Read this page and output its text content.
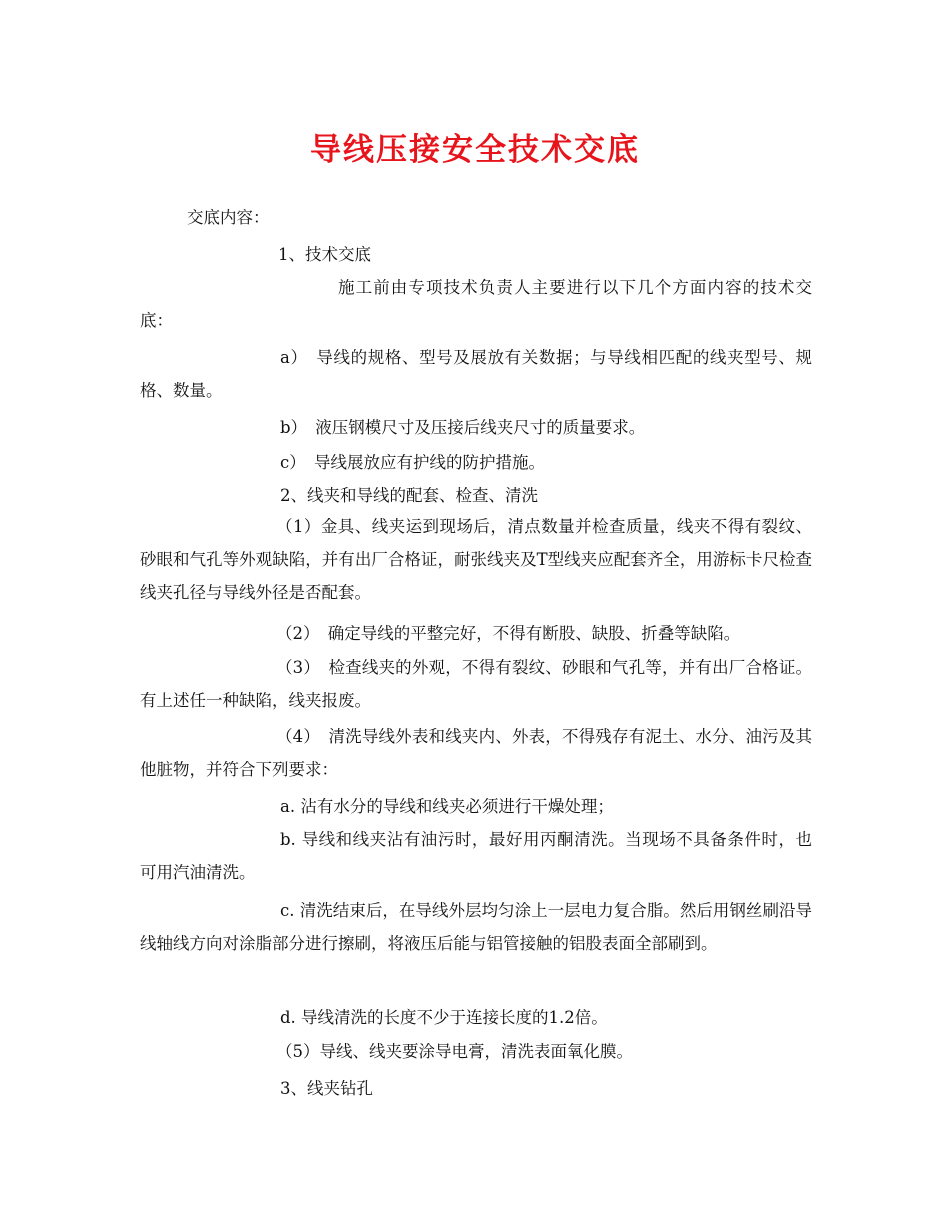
导线压接安全技术交底

交底内容：

1、技术交底

施工前由专项技术负责人主要进行以下几个方面内容的技术交底：

a）　导线的规格、型号及展放有关数据；与导线相匹配的线夹型号、规格、数量。

b）　液压钢模尺寸及压接后线夹尺寸的质量要求。

c）　导线展放应有护线的防护措施。

2、线夹和导线的配套、检查、清洗

（1）金具、线夹运到现场后，清点数量并检查质量，线夹不得有裂纹、砂眼和气孔等外观缺陷，并有出厂合格证，耐张线夹及T型线夹应配套齐全，用游标卡尺检查线夹孔径与导线外径是否配套。

（2）　确定导线的平整完好，不得有断股、缺股、折叠等缺陷。

（3）　检查线夹的外观，不得有裂纹、砂眼和气孔等，并有出厂合格证。有上述任一种缺陷，线夹报废。

（4）　清洗导线外表和线夹内、外表，不得残存有泥土、水分、油污及其他脏物，并符合下列要求：

a. 沾有水分的导线和线夹必须进行干燥处理；

b. 导线和线夹沾有油污时，最好用丙酮清洗。当现场不具备条件时，也可用汽油清洗。

c. 清洗结束后，在导线外层均匀涂上一层电力复合脂。然后用钢丝刷沿导线轴线方向对涂脂部分进行擦刷，将液压后能与铝管接触的铝股表面全部刷到。

d. 导线清洗的长度不少于连接长度的1.2倍。

（5）导线、线夹要涂导电膏，清洗表面氧化膜。

3、线夹钻孔
